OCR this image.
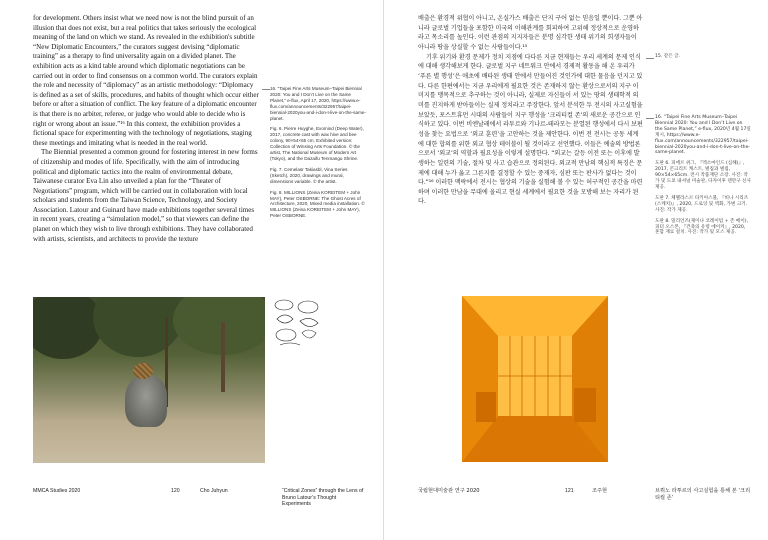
for development. Others insist what we need now is not the blind pursuit of an illusion that does not exist, but a real politics that takes seriously the ecological meaning of the land on which we stand. As revealed in the exhibition's subtitle “New Diplomatic Encounters,” the curators suggest devising “diplomatic training” as a therapy to find universality again on a divided planet. The exhibition acts as a kind table around which diplomatic negotiations can be carried out in order to find consensus on a common world. The curators explain the role and necessity of “diplomacy” as an artistic methodology: “Diplomacy is defined as a set of skills, procedures, and habits of thought which occur either before or after a situation of conflict. The key feature of a diplomatic encounter is that there is no arbiter, referee, or judge who would able to decide who is right or wrong about an issue.”¹⁶ In this context, the exhibition provides a fictional space for experimenting with the technology of negotiations, staging these meetings and imitating what is needed in the real world.

The Biennial presented a common ground for fostering interest in new forms of citizenship and modes of life. Specifically, with the aim of introducing political and diplomatic tactics into the realm of environmental debate, Taiwanese curator Eva Lin also unveiled a plan for the “Theater of Negotiations” program, which will be carried out in collaboration with local scholars and students from the Taiwan Science, Technology, and Society Association. Latour and Guinard have made exhibitions together several times in recent years, creating a “simulation model,” so that viewers can define the planet on which they wish to live through exhibitions. They have collaborated with artists, scientists, and architects to provide the texture

16. “Taipei Fine Arts Museum–Taipei Biennial 2020: You and I Don’t Live on the Same Planet,” e-flux, April 17, 2020, https://www.e-flux.com/announcements/322957/taipei-biennial-2020you-and-i-don-t-live-on-the-same-planet.

Fig. 6. Pierre Huyghe, Exomind (Deep Water), 2017, concrete cast with wax hive and bee colony, 90×54×65 cm. Exhibited version: Collection of Winsing Arts Foundation. © the artist, The National Museum of Modern Art (Tokyo), and the Dazaifu Tenmangu Shrine.

Fig. 7. Cemelasr Takiasbl, Vina Series (Sketch), 2020, drawings and mural, dimensions variable. © the artist.

Fig. 8. MILLIONS (Zeina KOREITEM + John MAY), Peter OSBORNE: The Ghost Acres of Architecture, 2020, Mixed media installation. © MILLIONS (Zeina KOREITEM + John MAY), Peter OSBORNE.

MMCA Studies 2020	120	Cho Juhyun	“Critical Zones” through the Lens of Bruno Latour’s Thought Experiments

배출은 환경적 위협이 아니고, 온실가스 배출은 단지 구어 없는 믿음일 뿐이다. 그뿐 아니라 글로벌 기업들을 포함한 미국의 이해관계를 회피하여 고위해 정상적으로 운영하라고 목소리를 높인다. 이런 관점의 지지자들은 분명 심각한 생태 위기의 희생자들이 아니라 땅을 상실할 수 없는 사람들이다.¹⁵

기후 위기와 환경 문제가 정치 지점에 다다른 지금 현재들는 우리 세계의 문제 인식에 대해 생각해보게 한다. 글로벌 지구 네트워크 안에서 경제적 활동을 해 온 우리가 ‘푸른 별 행성’은 애초에 배타된 생태 안에서 만들어진 것인가에 대한 물음을 던지고 있다. 다른 한편에서는 지금 우리에게 필요한 것은 존재하지 않는 환상으로서의 지구 이미지를 맹목적으로 추구하는 것이 아니라, 실제로 자신들이 서 있는 땅의 생태학적 의미를 진지하게 받아들이는 실제 정치라고 주장한다. 앞서 분석한 두 전시의 사고실험을 보았듯, 포스트휴먼 시대의 사람들이 지구 행성을 ‘크리티컬 존’의 새로운 공간으로 인식하고 있다. 이번 비엔날레에서 라투르와 기나르-테라모는 분열된 행성에서 다시 보편성을 찾는 요법으로 ‘외교 훈련’을 고안하는 것을 제안한다. 이번 전 전시는 공동 세계에 대한 합의를 위한 외교 협상 테이블이 될 것이라고 선언했다. 이들은 예술의 방법론으로서 ‘외교’의 역할과 필요성을 이렇게 설명한다. “외교는 갈등 이전 또는 이후에 발생하는 일련의 기술, 절차 및 사고 습관으로 정의된다. 외교적 만남의 핵심적 특징은 문제에 대해 누가 옳고 그른지를 결정할 수 있는 중재자, 심판 또는 판사가 없다는 것이다.”¹⁶ 이러한 맥락에서 전시는 협상의 기술을 실험해 볼 수 있는 허구적인 공간을 마련하며 이러한 만남을 무대에 올리고 현실 세계에서 필요한 것을 모방해 보는 자리가 된다.

15. 같은 글.

16. “Taipei Fine Arts Museum–Taipei Biennial 2020: You and I Don’t Live on the Same Planet,” e-flux, 2020년 4월 17일 게시, https://www.e-flux.com/announcements/322957/taipei-biennial-2020you-and-i-don-t-live-on-the-same-planet.

도판 6. 피에르 위그, 『엑소마인드 (심해)』, 2017, 콘크리트 캐스트, 벌집과 벌집, 90×54×65cm. 전시 작품재단 소장. 사진: 작가 및 도쿄 내셔널 미술관, 다자이후 덴만구 신사 제공.

도판 7. 체멜라스르 타키아스블, 『비나 시리즈(스케치)』, 2020, 드로잉 및 벽화, 가변 크기. 사진: 작가 제공.

도판 8. 밀리언즈(제이나 코레이텀 + 존 메이), 피터 오스본, 『건축의 유령 에이커』, 2020, 혼합 재료 설치. 사진: 작가 및 모스 제공.

국립현대미술관 연구 2020	121	조주현	브뤼노 라투르의 사고실험을 통해 본 ‘크리티컬 존’
